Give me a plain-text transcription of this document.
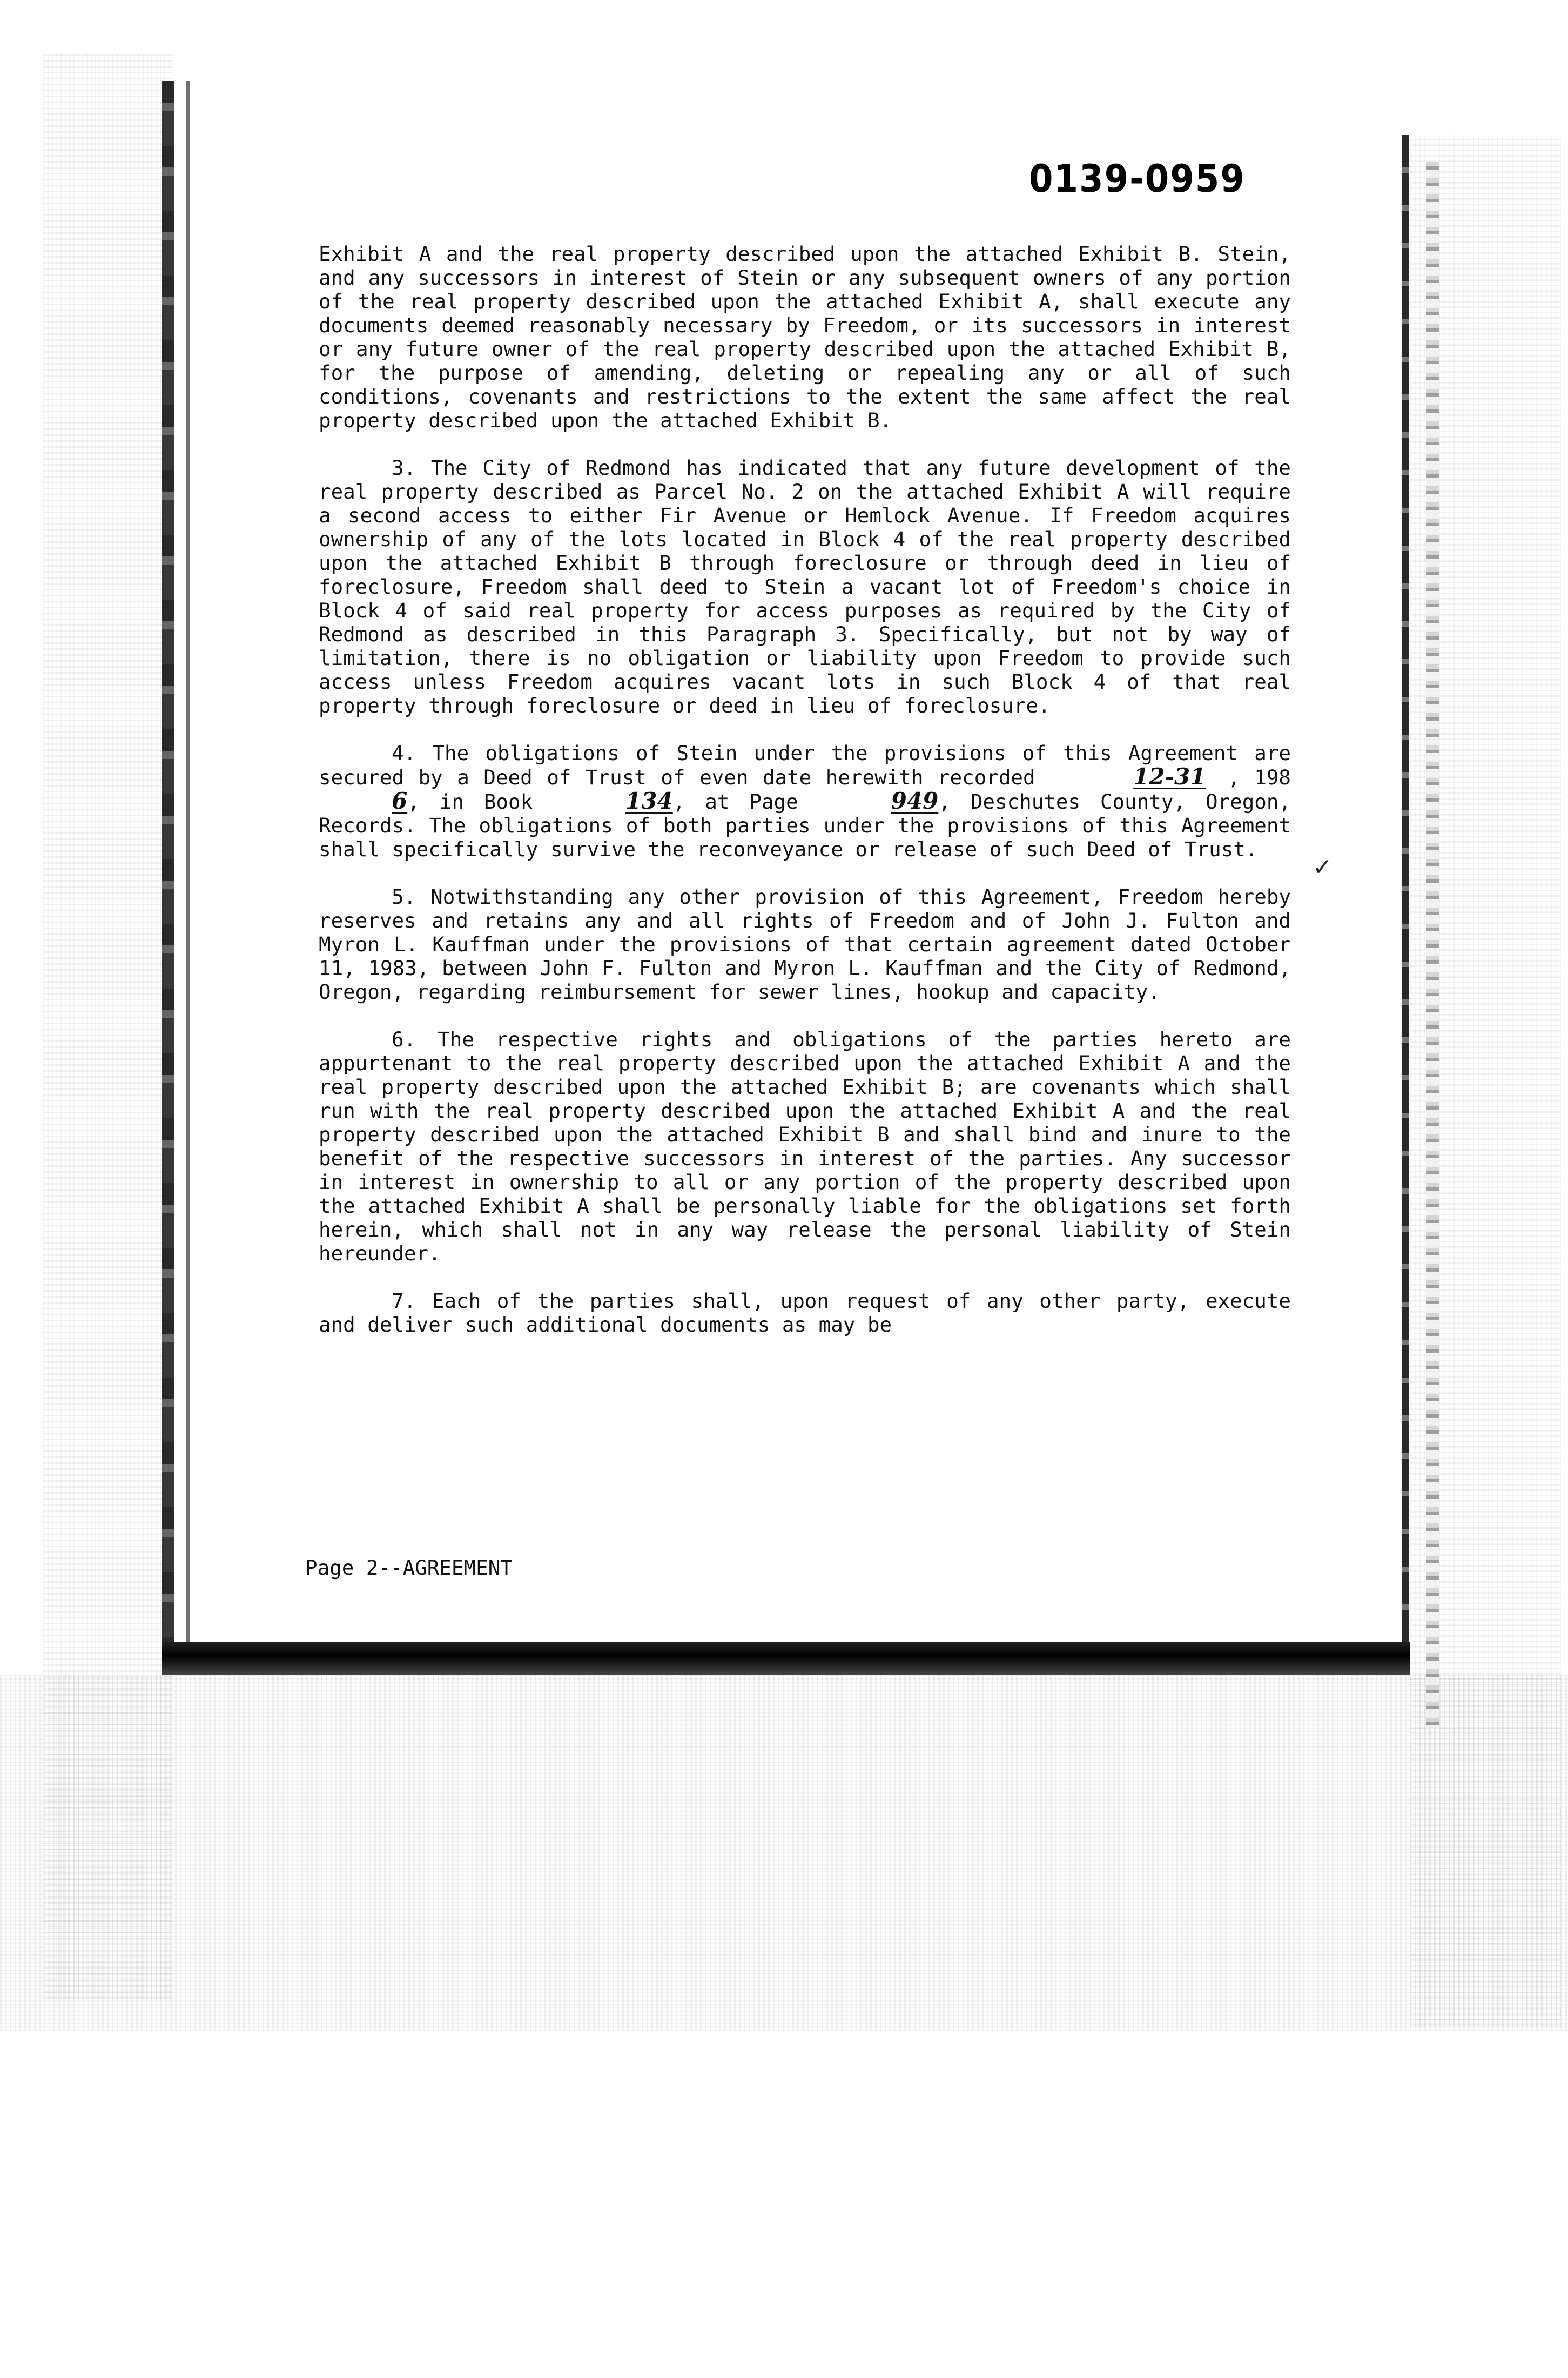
0139-0959

Exhibit A and the real property described upon the attached Exhibit B. Stein, and any successors in interest of Stein or any subsequent owners of any portion of the real property described upon the attached Exhibit A, shall execute any documents deemed reasonably necessary by Freedom, or its successors in interest or any future owner of the real property described upon the attached Exhibit B, for the purpose of amending, deleting or repealing any or all of such conditions, covenants and restrictions to the extent the same affect the real property described upon the attached Exhibit B.

3. The City of Redmond has indicated that any future development of the real property described as Parcel No. 2 on the attached Exhibit A will require a second access to either Fir Avenue or Hemlock Avenue. If Freedom acquires ownership of any of the lots located in Block 4 of the real property described upon the attached Exhibit B through foreclosure or through deed in lieu of foreclosure, Freedom shall deed to Stein a vacant lot of Freedom's choice in Block 4 of said real property for access purposes as required by the City of Redmond as described in this Paragraph 3. Specifically, but not by way of limitation, there is no obligation or liability upon Freedom to provide such access unless Freedom acquires vacant lots in such Block 4 of that real property through foreclosure or deed in lieu of foreclosure.

4. The obligations of Stein under the provisions of this Agreement are secured by a Deed of Trust of even date herewith recorded	12-31 , 1986, in Book	134, at Page	949, Deschutes County, Oregon, Records. The obligations of both parties under the provisions of this Agreement shall specifically survive the reconveyance or release of such Deed of Trust.

5. Notwithstanding any other provision of this Agreement, Freedom hereby reserves and retains any and all rights of Freedom and of John J. Fulton and Myron L. Kauffman under the provisions of that certain agreement dated October 11, 1983, between John F. Fulton and Myron L. Kauffman and the City of Redmond, Oregon, regarding reimbursement for sewer lines, hookup and capacity.

6. The respective rights and obligations of the parties hereto are appurtenant to the real property described upon the attached Exhibit A and the real property described upon the attached Exhibit B; are covenants which shall run with the real property described upon the attached Exhibit A and the real property described upon the attached Exhibit B and shall bind and inure to the benefit of the respective successors in interest of the parties. Any successor in interest in ownership to all or any portion of the property described upon the attached Exhibit A shall be personally liable for the obligations set forth herein, which shall not in any way release the personal liability of Stein hereunder.

7. Each of the parties shall, upon request of any other party, execute and deliver such additional documents as may be

✓
Page 2--AGREEMENT
